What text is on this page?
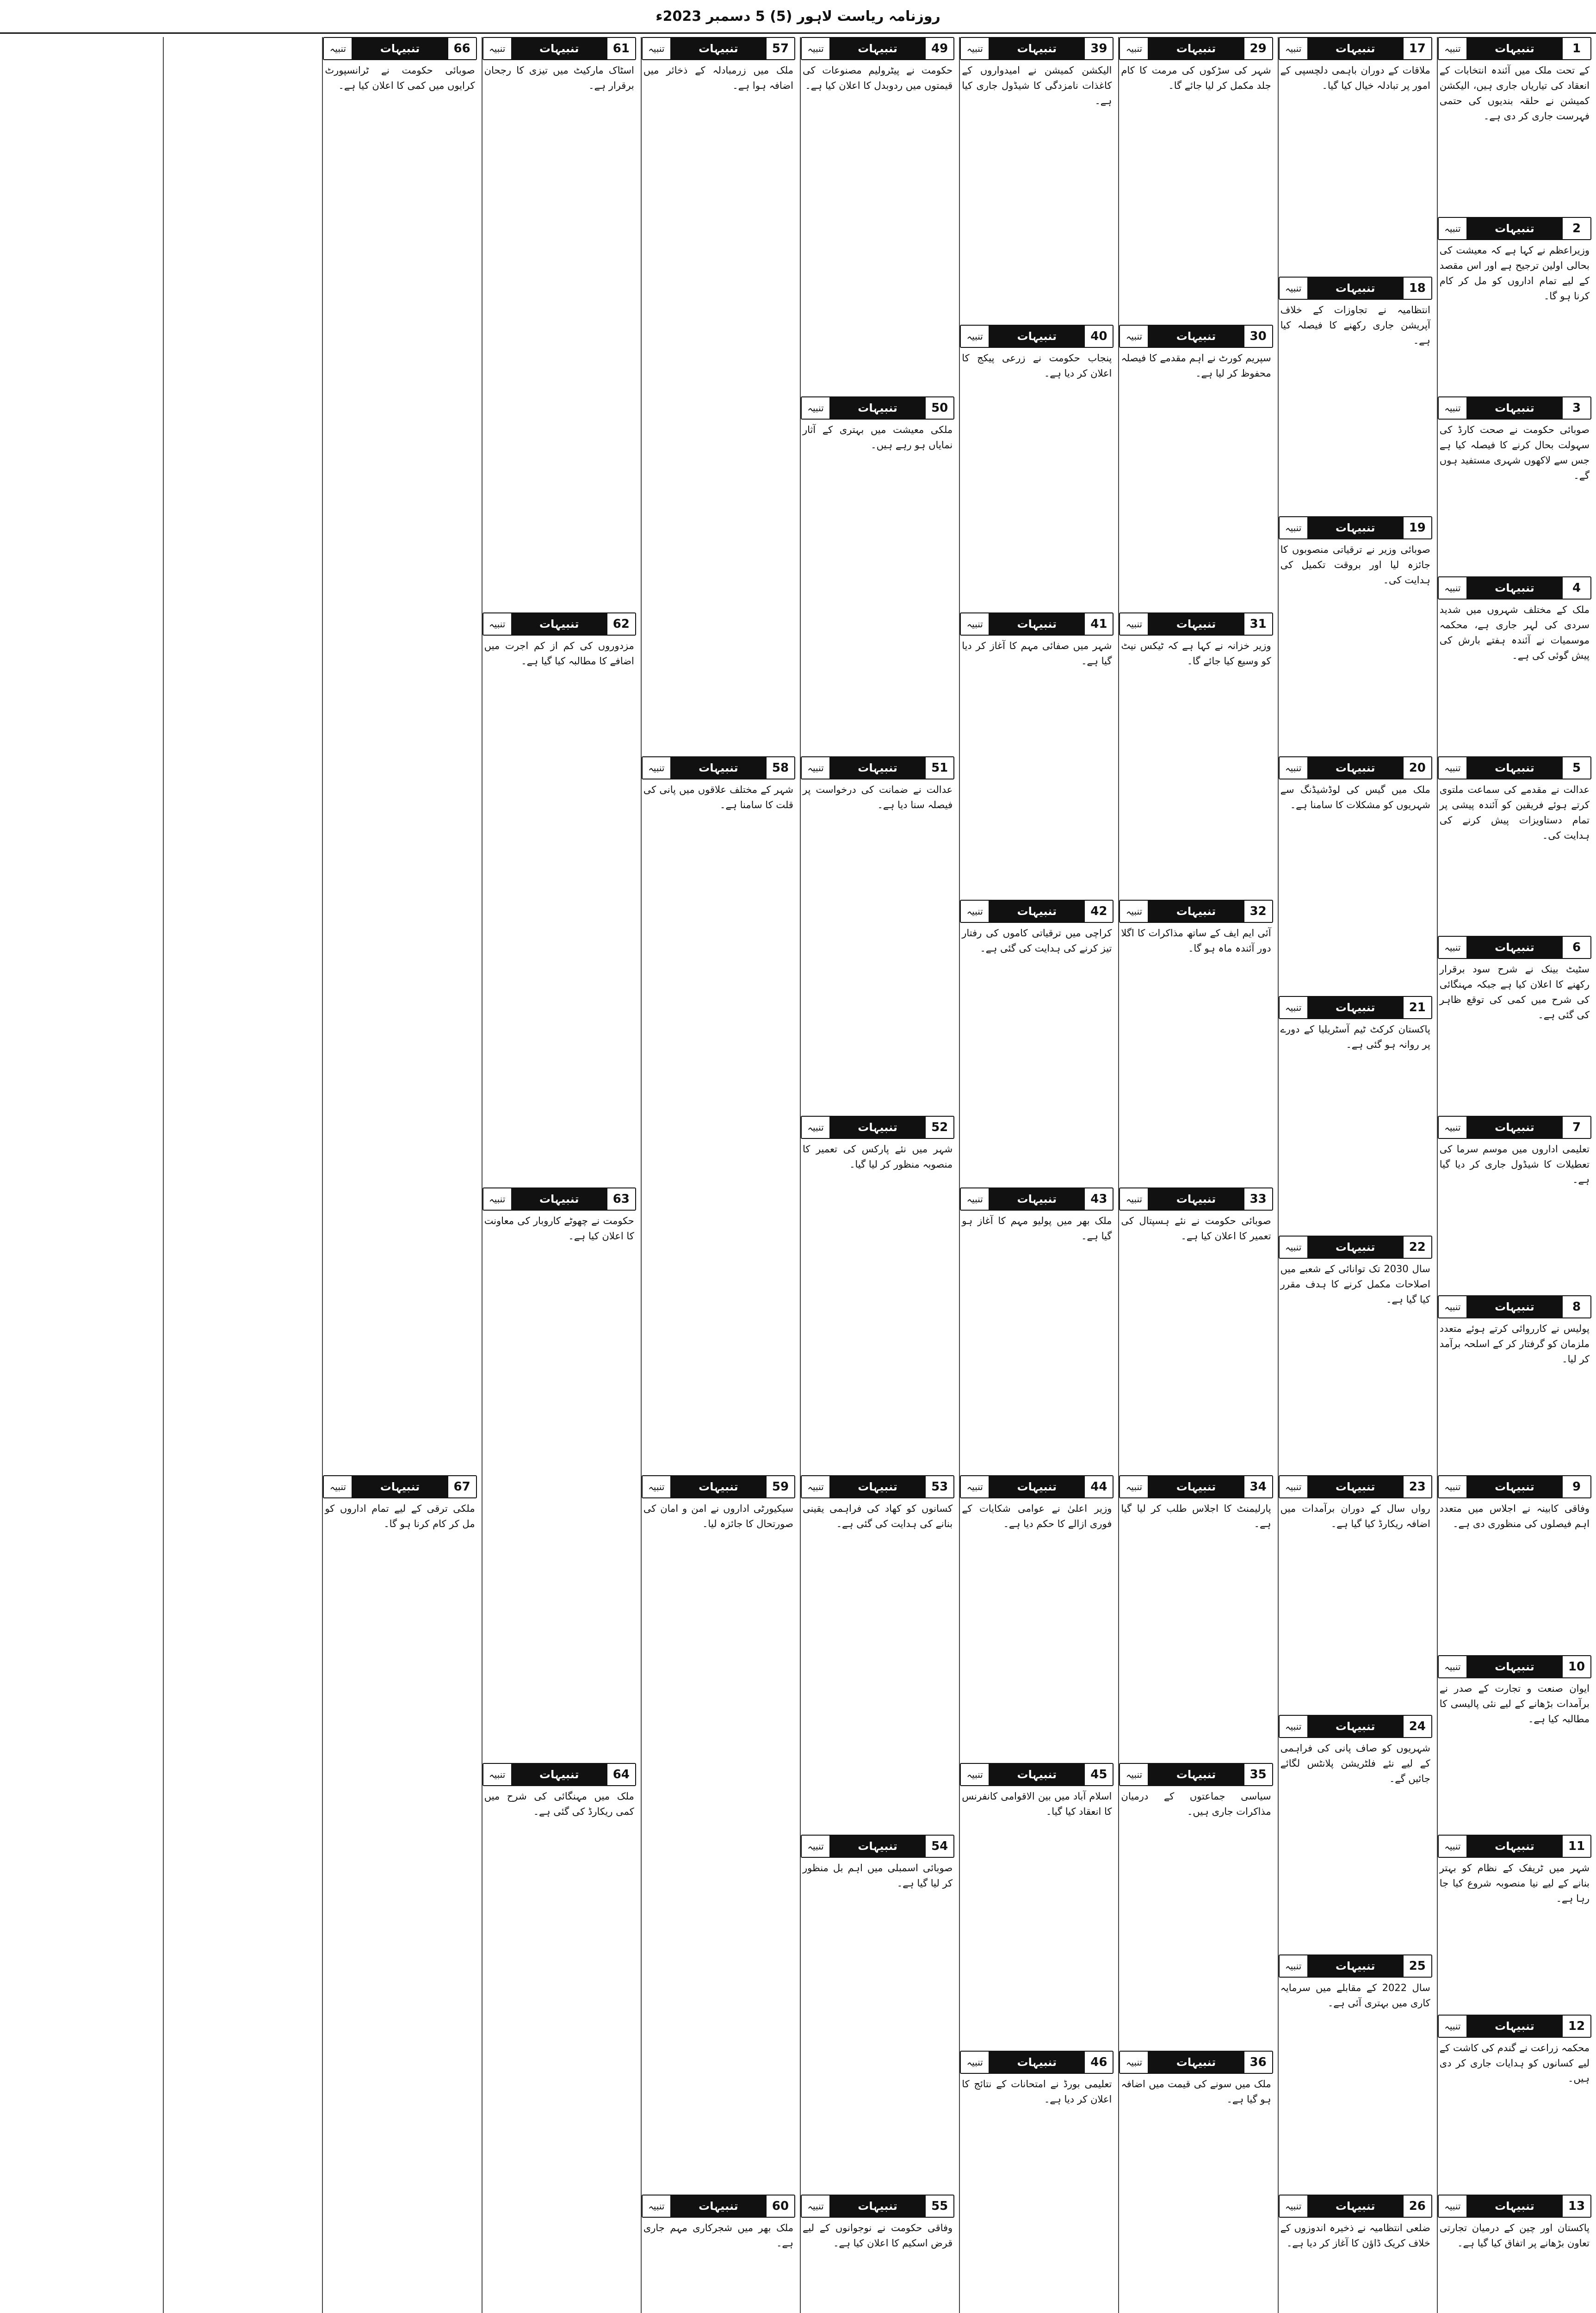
روزنامہ ریاست لاہور (5) 5 دسمبر 2023ء
1
تنبیہات
تنبیہ
کے تحت ملک میں آئندہ انتخابات کے انعقاد کی تیاریاں جاری ہیں، الیکشن کمیشن نے حلقہ بندیوں کی حتمی فہرست جاری کر دی ہے۔
2
تنبیہات
تنبیہ
وزیراعظم نے کہا ہے کہ معیشت کی بحالی اولین ترجیح ہے اور اس مقصد کے لیے تمام اداروں کو مل کر کام کرنا ہو گا۔
3
تنبیہات
تنبیہ
صوبائی حکومت نے صحت کارڈ کی سہولت بحال کرنے کا فیصلہ کیا ہے جس سے لاکھوں شہری مستفید ہوں گے۔
4
تنبیہات
تنبیہ
ملک کے مختلف شہروں میں شدید سردی کی لہر جاری ہے، محکمہ موسمیات نے آئندہ ہفتے بارش کی پیش گوئی کی ہے۔
5
تنبیہات
تنبیہ
عدالت نے مقدمے کی سماعت ملتوی کرتے ہوئے فریقین کو آئندہ پیشی پر تمام دستاویزات پیش کرنے کی ہدایت کی۔
6
تنبیہات
تنبیہ
سٹیٹ بینک نے شرح سود برقرار رکھنے کا اعلان کیا ہے جبکہ مہنگائی کی شرح میں کمی کی توقع ظاہر کی گئی ہے۔
7
تنبیہات
تنبیہ
تعلیمی اداروں میں موسم سرما کی تعطیلات کا شیڈول جاری کر دیا گیا ہے۔
8
تنبیہات
تنبیہ
پولیس نے کارروائی کرتے ہوئے متعدد ملزمان کو گرفتار کر کے اسلحہ برآمد کر لیا۔
9
تنبیہات
تنبیہ
وفاقی کابینہ نے اجلاس میں متعدد اہم فیصلوں کی منظوری دی ہے۔
10
تنبیہات
تنبیہ
ایوان صنعت و تجارت کے صدر نے برآمدات بڑھانے کے لیے نئی پالیسی کا مطالبہ کیا ہے۔
11
تنبیہات
تنبیہ
شہر میں ٹریفک کے نظام کو بہتر بنانے کے لیے نیا منصوبہ شروع کیا جا رہا ہے۔
12
تنبیہات
تنبیہ
محکمہ زراعت نے گندم کی کاشت کے لیے کسانوں کو ہدایات جاری کر دی ہیں۔
13
تنبیہات
تنبیہ
پاکستان اور چین کے درمیان تجارتی تعاون بڑھانے پر اتفاق کیا گیا ہے۔
17
تنبیہات
تنبیہ
ملاقات کے دوران باہمی دلچسپی کے امور پر تبادلہ خیال کیا گیا۔
18
تنبیہات
تنبیہ
انتظامیہ نے تجاوزات کے خلاف آپریشن جاری رکھنے کا فیصلہ کیا ہے۔
19
تنبیہات
تنبیہ
صوبائی وزیر نے ترقیاتی منصوبوں کا جائزہ لیا اور بروقت تکمیل کی ہدایت کی۔
20
تنبیہات
تنبیہ
ملک میں گیس کی لوڈشیڈنگ سے شہریوں کو مشکلات کا سامنا ہے۔
21
تنبیہات
تنبیہ
پاکستان کرکٹ ٹیم آسٹریلیا کے دورے پر روانہ ہو گئی ہے۔
22
تنبیہات
تنبیہ
سال 2030 تک توانائی کے شعبے میں اصلاحات مکمل کرنے کا ہدف مقرر کیا گیا ہے۔
23
تنبیہات
تنبیہ
رواں سال کے دوران برآمدات میں اضافہ ریکارڈ کیا گیا ہے۔
24
تنبیہات
تنبیہ
شہریوں کو صاف پانی کی فراہمی کے لیے نئے فلٹریشن پلانٹس لگائے جائیں گے۔
25
تنبیہات
تنبیہ
سال 2022 کے مقابلے میں سرمایہ کاری میں بہتری آئی ہے۔
26
تنبیہات
تنبیہ
ضلعی انتظامیہ نے ذخیرہ اندوزوں کے خلاف کریک ڈاؤن کا آغاز کر دیا ہے۔
29
تنبیہات
تنبیہ
شہر کی سڑکوں کی مرمت کا کام جلد مکمل کر لیا جائے گا۔
30
تنبیہات
تنبیہ
سپریم کورٹ نے اہم مقدمے کا فیصلہ محفوظ کر لیا ہے۔
31
تنبیہات
تنبیہ
وزیر خزانہ نے کہا ہے کہ ٹیکس نیٹ کو وسیع کیا جائے گا۔
32
تنبیہات
تنبیہ
آئی ایم ایف کے ساتھ مذاکرات کا اگلا دور آئندہ ماہ ہو گا۔
33
تنبیہات
تنبیہ
صوبائی حکومت نے نئے ہسپتال کی تعمیر کا اعلان کیا ہے۔
34
تنبیہات
تنبیہ
پارلیمنٹ کا اجلاس طلب کر لیا گیا ہے۔
35
تنبیہات
تنبیہ
سیاسی جماعتوں کے درمیان مذاکرات جاری ہیں۔
36
تنبیہات
تنبیہ
ملک میں سونے کی قیمت میں اضافہ ہو گیا ہے۔
39
تنبیہات
تنبیہ
الیکشن کمیشن نے امیدواروں کے کاغذات نامزدگی کا شیڈول جاری کیا ہے۔
40
تنبیہات
تنبیہ
پنجاب حکومت نے زرعی پیکج کا اعلان کر دیا ہے۔
41
تنبیہات
تنبیہ
شہر میں صفائی مہم کا آغاز کر دیا گیا ہے۔
42
تنبیہات
تنبیہ
کراچی میں ترقیاتی کاموں کی رفتار تیز کرنے کی ہدایت کی گئی ہے۔
43
تنبیہات
تنبیہ
ملک بھر میں پولیو مہم کا آغاز ہو گیا ہے۔
44
تنبیہات
تنبیہ
وزیر اعلیٰ نے عوامی شکایات کے فوری ازالے کا حکم دیا ہے۔
45
تنبیہات
تنبیہ
اسلام آباد میں بین الاقوامی کانفرنس کا انعقاد کیا گیا۔
46
تنبیہات
تنبیہ
تعلیمی بورڈ نے امتحانات کے نتائج کا اعلان کر دیا ہے۔
49
تنبیہات
تنبیہ
حکومت نے پیٹرولیم مصنوعات کی قیمتوں میں ردوبدل کا اعلان کیا ہے۔
50
تنبیہات
تنبیہ
ملکی معیشت میں بہتری کے آثار نمایاں ہو رہے ہیں۔
51
تنبیہات
تنبیہ
عدالت نے ضمانت کی درخواست پر فیصلہ سنا دیا ہے۔
52
تنبیہات
تنبیہ
شہر میں نئے پارکس کی تعمیر کا منصوبہ منظور کر لیا گیا۔
53
تنبیہات
تنبیہ
کسانوں کو کھاد کی فراہمی یقینی بنانے کی ہدایت کی گئی ہے۔
54
تنبیہات
تنبیہ
صوبائی اسمبلی میں اہم بل منظور کر لیا گیا ہے۔
55
تنبیہات
تنبیہ
وفاقی حکومت نے نوجوانوں کے لیے قرض اسکیم کا اعلان کیا ہے۔
57
تنبیہات
تنبیہ
ملک میں زرمبادلہ کے ذخائر میں اضافہ ہوا ہے۔
58
تنبیہات
تنبیہ
شہر کے مختلف علاقوں میں پانی کی قلت کا سامنا ہے۔
59
تنبیہات
تنبیہ
سیکیورٹی اداروں نے امن و امان کی صورتحال کا جائزہ لیا۔
60
تنبیہات
تنبیہ
ملک بھر میں شجرکاری مہم جاری ہے۔
61
تنبیہات
تنبیہ
اسٹاک مارکیٹ میں تیزی کا رجحان برقرار ہے۔
62
تنبیہات
تنبیہ
مزدوروں کی کم از کم اجرت میں اضافے کا مطالبہ کیا گیا ہے۔
63
تنبیہات
تنبیہ
حکومت نے چھوٹے کاروبار کی معاونت کا اعلان کیا ہے۔
64
تنبیہات
تنبیہ
ملک میں مہنگائی کی شرح میں کمی ریکارڈ کی گئی ہے۔
66
تنبیہات
تنبیہ
صوبائی حکومت نے ٹرانسپورٹ کرایوں میں کمی کا اعلان کیا ہے۔
67
تنبیہات
تنبیہ
ملکی ترقی کے لیے تمام اداروں کو مل کر کام کرنا ہو گا۔
